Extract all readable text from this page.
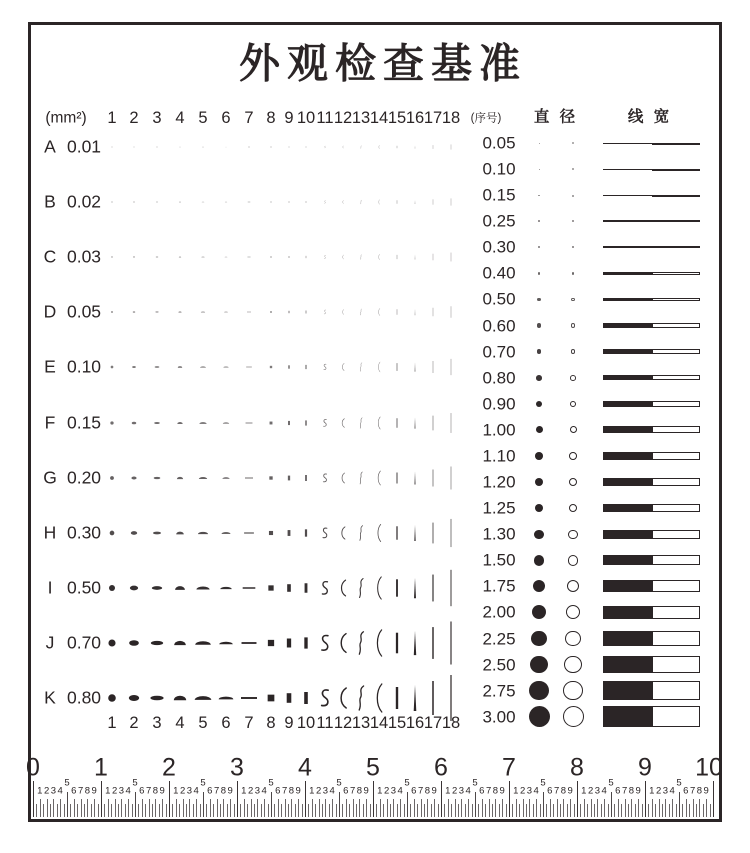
外观检查基准
(mm²)	(序号) 直 径	线 宽
1 2 3 4 5 6 7 8 9 10 11 12 13 14 15 16 17 18
A 0.01
B 0.02
C 0.03
D 0.05
E 0.10
F 0.15
G 0.20
H 0.30
I 0.50
J 0.70
K 0.80
1 2 3 4 5 6 7 8 9 10 11 12 13 14 15 16 17 18
0.05
0.10
0.15
0.25
0.30
0.40
0.50
0.60
0.70
0.80
0.90
1.00
1.10
1.20
1.25
1.30
1.50
1.75
2.00
2.25
2.50
2.75
3.00
0 1 2 3 4 5 6 7 8 9 10
1 2 3 4
5
6 7 8 9 1 2 3 4
5
6 7 8 9 1 2 3 4
5
6 7 8 9 1 2 3 4
5
6 7 8 9 1 2 3 4
5
6 7 8 9 1 2 3 4
5
6 7 8 9 1 2 3 4
5
6 7 8 9 1 2 3 4
5
6 7 8 9 1 2 3 4
5
6 7 8 9 1 2 3 4
5
6 7 8 9
